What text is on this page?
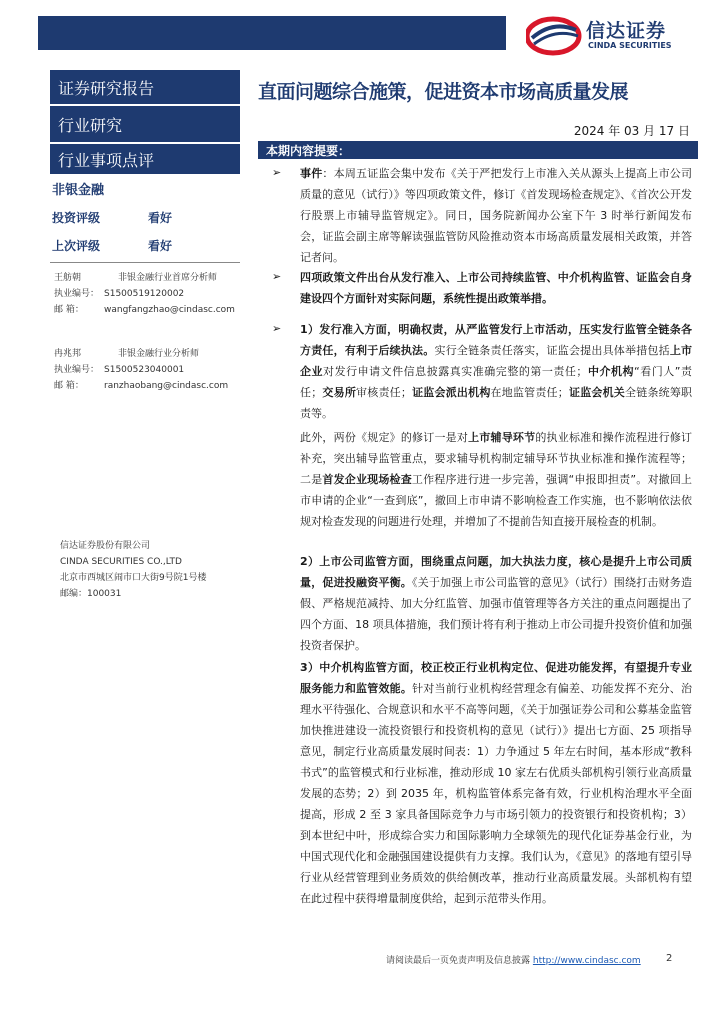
信达证券
CINDA SECURITIES
证券研究报告
行业研究
行业事项点评
非银金融
投资评级	看好
上次评级	看好
王舫朝	非银金融行业首席分析师
执业编号： S1500519120002
邮 箱： wangfangzhao@cindasc.com
冉兆邦	非银金融行业分析师
执业编号： S1500523040001
邮 箱： ranzhaobang@cindasc.com
信达证券股份有限公司
CINDA SECURITIES CO.,LTD
北京市西城区闹市口大街9号院1号楼
邮编：100031
直面问题综合施策，促进资本市场高质量发展
2024 年 03 月 17 日
本期内容提要：
➢ 事件：本周五证监会集中发布《关于严把发行上市准入关从源头上提高上市公司质量的意见（试行）》等四项政策文件，修订《首发现场检查规定》、《首次公开发行股票上市辅导监管规定》。同日，国务院新闻办公室下午 3 时举行新闻发布会，证监会副主席等解读强监管防风险推动资本市场高质量发展相关政策，并答记者问。
➢ 四项政策文件出台从发行准入、上市公司持续监管、中介机构监管、证监会自身建设四个方面针对实际问题，系统性提出政策举措。
➢ 1）发行准入方面，明确权责，从严监管发行上市活动，压实发行监管全链条各方责任，有利于后续执法。实行全链条责任落实，证监会提出具体举措包括上市企业对发行申请文件信息披露真实准确完整的第一责任；中介机构“看门人”责任；交易所审核责任；证监会派出机构在地监管责任；证监会机关全链条统筹职责等。
此外，两份《规定》的修订一是对上市辅导环节的执业标准和操作流程进行修订补充，突出辅导监管重点，要求辅导机构制定辅导环节执业标准和操作流程等；二是首发企业现场检查工作程序进行进一步完善，强调“申报即担责”。对撤回上市申请的企业“一查到底”，撤回上市申请不影响检查工作实施，也不影响依法依规对检查发现的问题进行处理，并增加了不提前告知直接开展检查的机制。
2）上市公司监管方面，围绕重点问题，加大执法力度，核心是提升上市公司质量，促进投融资平衡。《关于加强上市公司监管的意见》（试行）围绕打击财务造假、严格规范减持、加大分红监管、加强市值管理等各方关注的重点问题提出了四个方面、18 项具体措施，我们预计将有利于推动上市公司提升投资价值和加强投资者保护。
3）中介机构监管方面，校正校正行业机构定位、促进功能发挥，有望提升专业服务能力和监管效能。针对当前行业机构经营理念有偏差、功能发挥不充分、治理水平待强化、合规意识和水平不高等问题，《关于加强证券公司和公募基金监管加快推进建设一流投资银行和投资机构的意见（试行）》提出七方面、25 项指导意见，制定行业高质量发展时间表：1）力争通过 5 年左右时间，基本形成“教科书式”的监管模式和行业标准，推动形成 10 家左右优质头部机构引领行业高质量发展的态势；2）到 2035 年，机构监管体系完备有效，行业机构治理水平全面提高，形成 2 至 3 家具备国际竞争力与市场引领力的投资银行和投资机构；3）到本世纪中叶，形成综合实力和国际影响力全球领先的现代化证券基金行业，为中国式现代化和金融强国建设提供有力支撑。我们认为，《意见》的落地有望引导行业从经营管理到业务质效的供给侧改革，推动行业高质量发展。头部机构有望在此过程中获得增量制度供给，起到示范带头作用。
请阅读最后一页免责声明及信息披露 http://www.cindasc.com	2
